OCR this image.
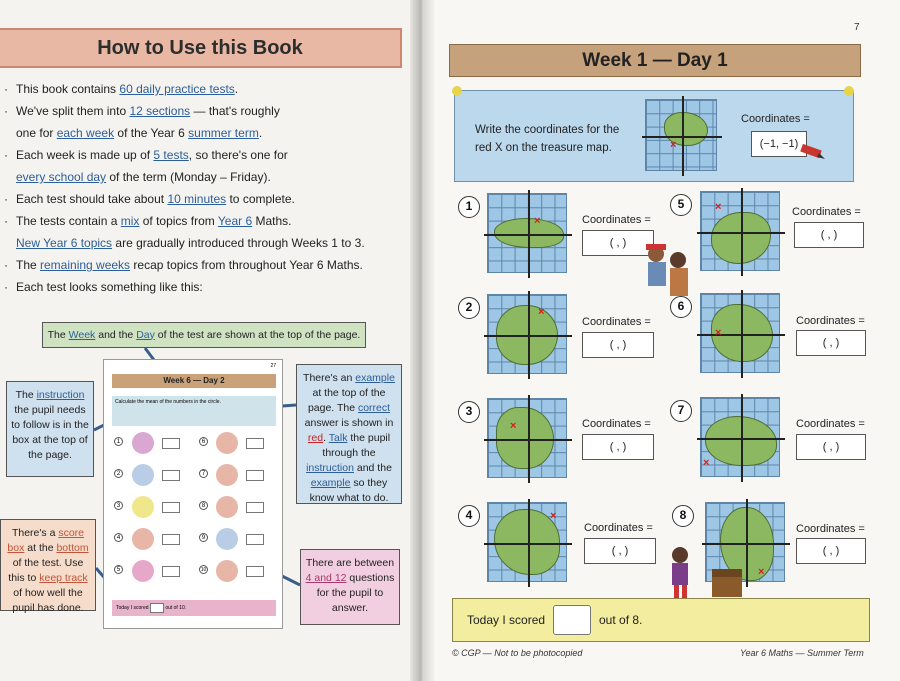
How to Use this Book
· This book contains 60 daily practice tests.
· We've split them into 12 sections — that's roughly
one for each week of the Year 6 summer term.
· Each week is made up of 5 tests, so there's one for
every school day of the term (Monday – Friday).
· Each test should take about 10 minutes to complete.
· The tests contain a mix of topics from Year 6 Maths.
New Year 6 topics are gradually introduced through Weeks 1 to 3.
· The remaining weeks recap topics from throughout Year 6 Maths.
· Each test looks something like this:
The Week and the Day of the test are shown at the top of the page.
The instruction the pupil needs to follow is in the box at the top of the page.
There's an example at the top of the page. The correct answer is shown in red. Talk the pupil through the instruction and the example so they know what to do.
There's a score box at the bottom of the test. Use this to keep track of how well the pupil has done.
There are between 4 and 12 questions for the pupil to answer.
27
Week 6 — Day 2
Calculate the mean of the numbers in the circle.
1	6
2	7
3	8
4	9
5	10
Today I scored	out of 10.
7
Week 1 — Day 1
Write the coordinates for the red X on the treasure map.	×
Coordinates =
(−1, −1)
1
×	Coordinates =
( , )
2	×
Coordinates =
( , )
3
×	Coordinates =
( , )
4	×
Coordinates =
( , )
5	×	Coordinates =
( , )
6
×
Coordinates =
( , )
7
×
Coordinates =
( , )
8
×
Coordinates =
( , )
Today I scored	out of 8.
© CGP — Not to be photocopied	Year 6 Maths — Summer Term
